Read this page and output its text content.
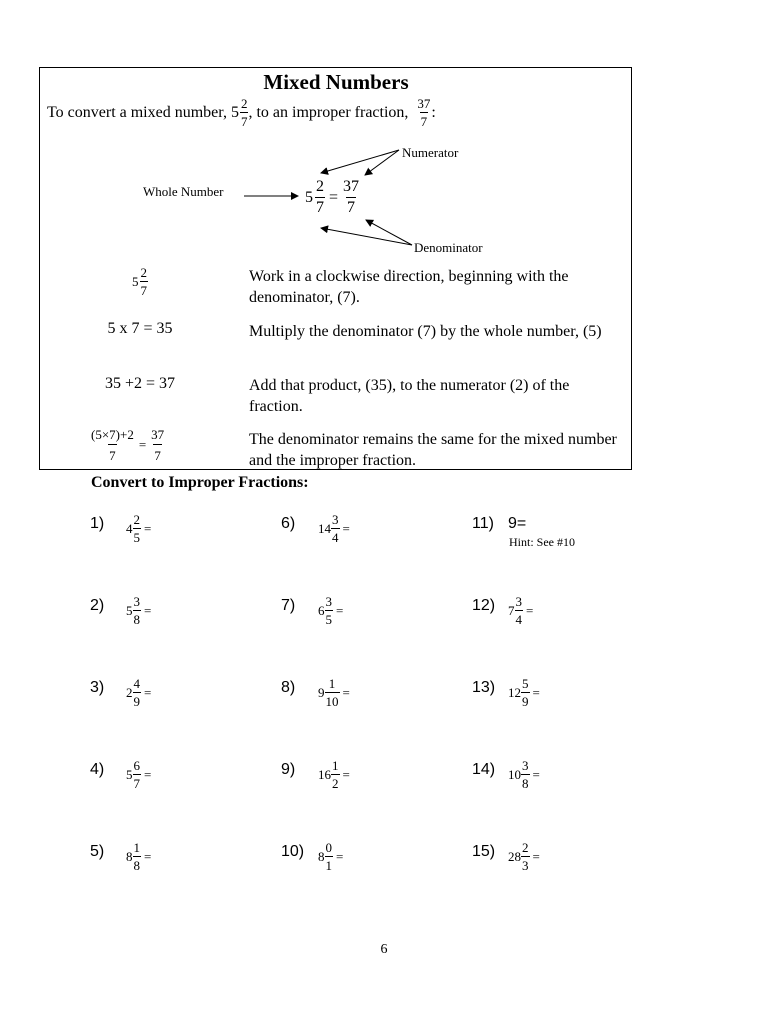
Mixed Numbers
To convert a mixed number, $5 \frac{2}{7}$ , to an improper fraction, $\frac{37}{7}$ :
Numerator
Denominator
Whole Number	$5 \frac{2}{7} = \frac{37}{7}$
$5 \frac{2}{7}$	Work in a clockwise direction, beginning with the denominator, (7).
5 x 7 = 35	Multiply the denominator (7) by the whole number, (5)
35 +2 = 37	Add that product, (35), to the numerator (2) of the fraction.
$\frac{(5\times 7)+2}{7} = \frac{37}{7}$	The denominator remains the same for the mixed number and the improper fraction.
Convert to Improper Fractions:
1) $4 \frac{2}{5}$ =
2) $5 \frac{3}{8}$ =
3) $2 \frac{4}{9}$ =
4) $5 \frac{6}{7}$ =
5) $8 \frac{1}{8}$ =
6) $14 \frac{3}{4}$ =
7) $6 \frac{3}{5}$ =
8) $9 \frac{1}{10}$ =
9) $16 \frac{1}{2}$ =
10) $8 \frac{0}{1}$ =
11) 9=
12) $7 \frac{3}{4}$ =
13) $12 \frac{5}{9}$ =
14) $10 \frac{3}{8}$ =
15) $28 \frac{2}{3}$ =
Hint: See #10
6
